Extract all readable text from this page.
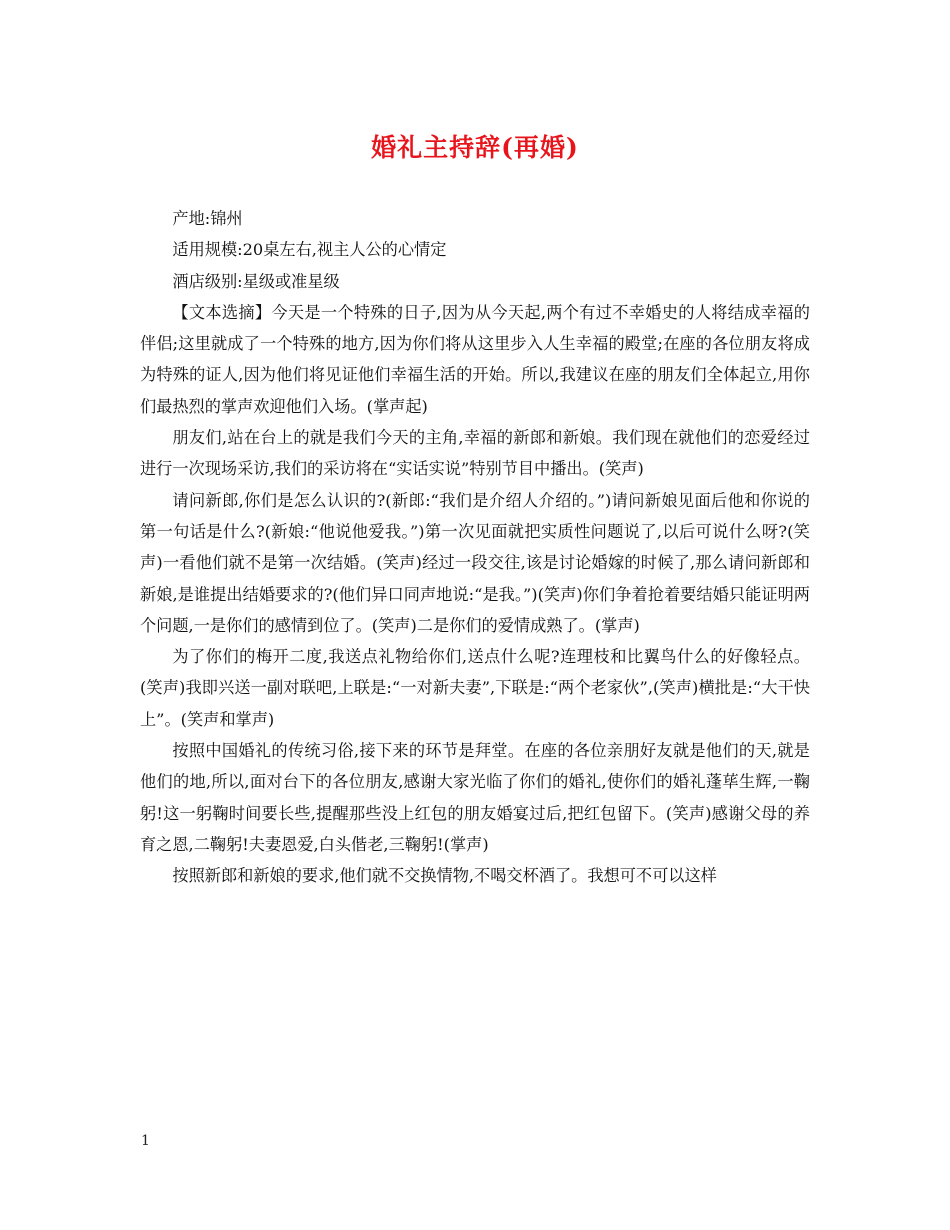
婚礼主持辞(再婚)

产地:锦州

适用规模:20桌左右,视主人公的心情定

酒店级别:星级或准星级

【文本选摘】今天是一个特殊的日子,因为从今天起,两个有过不幸婚史的人将结成幸福的伴侣;这里就成了一个特殊的地方,因为你们将从这里步入人生幸福的殿堂;在座的各位朋友将成为特殊的证人,因为他们将见证他们幸福生活的开始。所以,我建议在座的朋友们全体起立,用你们最热烈的掌声欢迎他们入场。(掌声起)

朋友们,站在台上的就是我们今天的主角,幸福的新郎和新娘。我们现在就他们的恋爱经过进行一次现场采访,我们的采访将在“实话实说”特别节目中播出。(笑声)

请问新郎,你们是怎么认识的?(新郎:“我们是介绍人介绍的。”)请问新娘见面后他和你说的第一句话是什么?(新娘:“他说他爱我。”)第一次见面就把实质性问题说了,以后可说什么呀?(笑声)一看他们就不是第一次结婚。(笑声)经过一段交往,该是讨论婚嫁的时候了,那么请问新郎和新娘,是谁提出结婚要求的?(他们异口同声地说:“是我。”)(笑声)你们争着抢着要结婚只能证明两个问题,一是你们的感情到位了。(笑声)二是你们的爱情成熟了。(掌声)

为了你们的梅开二度,我送点礼物给你们,送点什么呢?连理枝和比翼鸟什么的好像轻点。(笑声)我即兴送一副对联吧,上联是:“一对新夫妻”,下联是:“两个老家伙”,(笑声)横批是:“大干快上”。(笑声和掌声)

按照中国婚礼的传统习俗,接下来的环节是拜堂。在座的各位亲朋好友就是他们的天,就是他们的地,所以,面对台下的各位朋友,感谢大家光临了你们的婚礼,使你们的婚礼蓬荜生辉,一鞠躬!这一躬鞠时间要长些,提醒那些没上红包的朋友婚宴过后,把红包留下。(笑声)感谢父母的养育之恩,二鞠躬!夫妻恩爱,白头偕老,三鞠躬!(掌声)

按照新郎和新娘的要求,他们就不交换情物,不喝交杯酒了。我想可不可以这样

1
